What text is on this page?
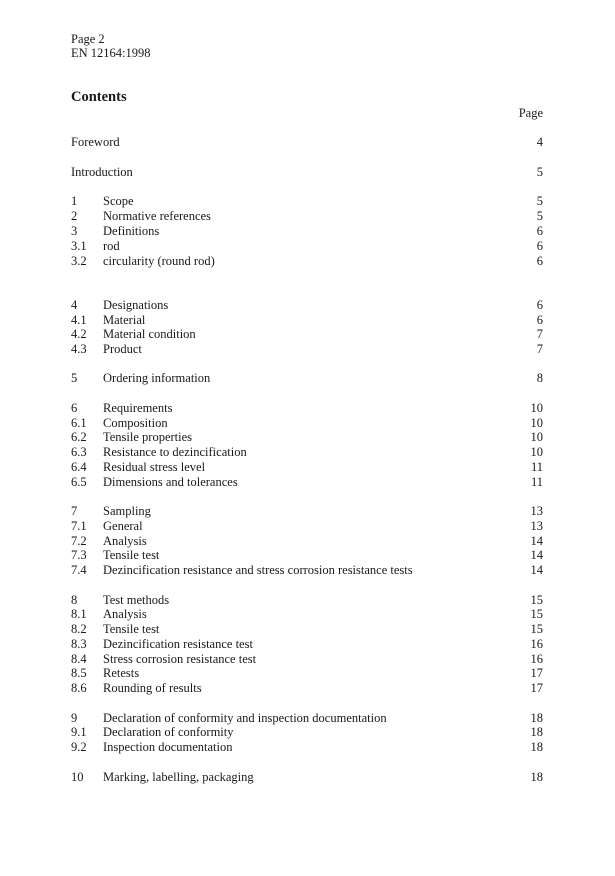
Page 2
EN 12164:1998
Contents
Page
Foreword	4
Introduction	5
1 Scope	5
2 Normative references	5
3 Definitions	6
3.1 rod	6
3.2 circularity (round rod)	6
4 Designations	6
4.1 Material	6
4.2 Material condition	7
4.3 Product	7
5 Ordering information	8
6 Requirements	10
6.1 Composition	10
6.2 Tensile properties	10
6.3 Resistance to dezincification	10
6.4 Residual stress level	11
6.5 Dimensions and tolerances	11
7 Sampling	13
7.1 General	13
7.2 Analysis	14
7.3 Tensile test	14
7.4 Dezincification resistance and stress corrosion resistance tests	14
8 Test methods	15
8.1 Analysis	15
8.2 Tensile test	15
8.3 Dezincification resistance test	16
8.4 Stress corrosion resistance test	16
8.5 Retests	17
8.6 Rounding of results	17
9 Declaration of conformity and inspection documentation	18
9.1 Declaration of conformity	18
9.2 Inspection documentation	18
10 Marking, labelling, packaging	18
